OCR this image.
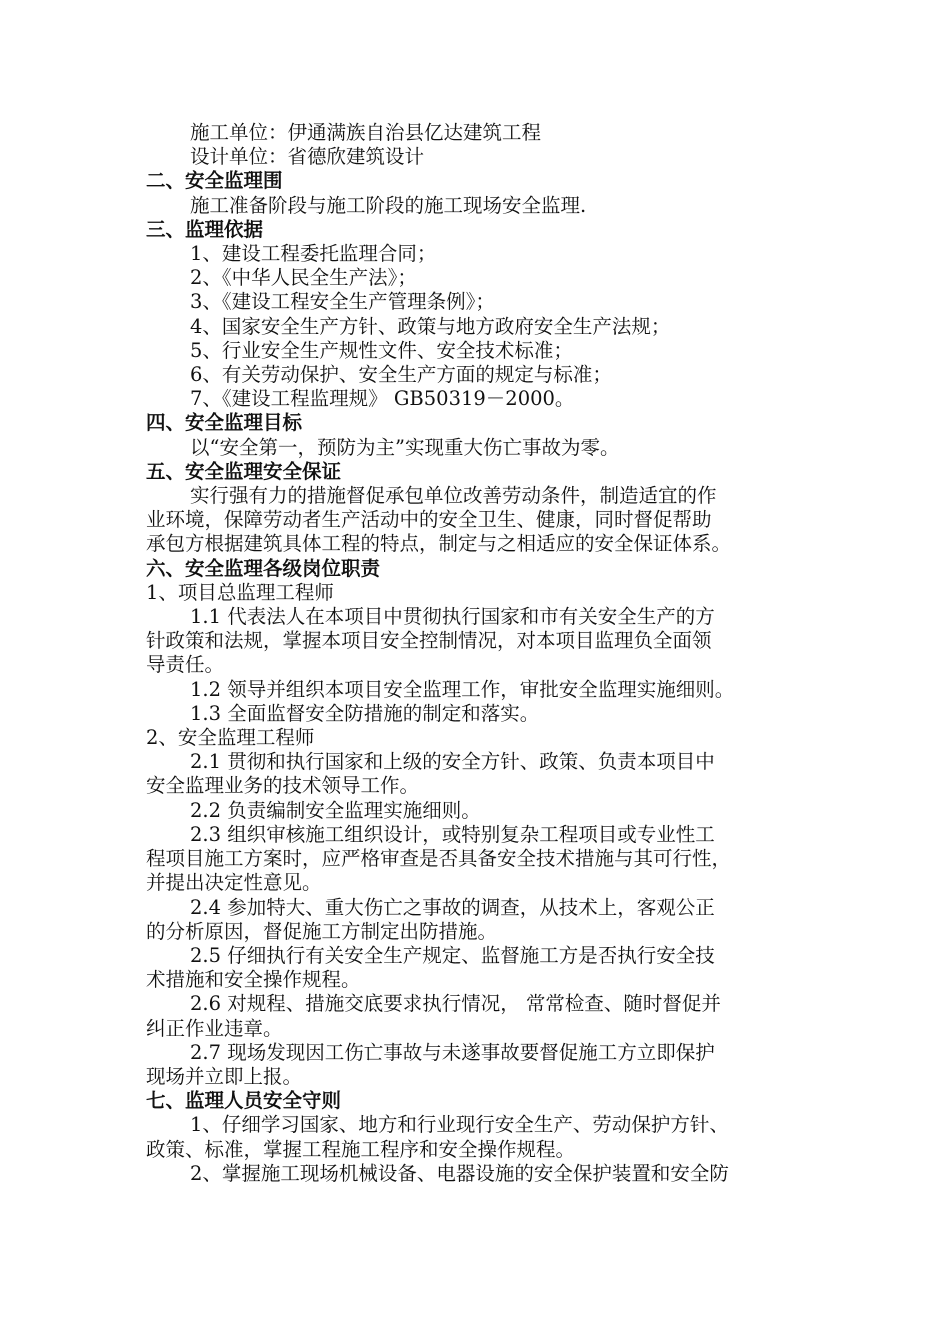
施工单位：伊通满族自治县亿达建筑工程
设计单位：省德欣建筑设计
二、安全监理围
施工准备阶段与施工阶段的施工现场安全监理.
三、监理依据
1、建设工程委托监理合同；
2、《中华人民全生产法》；
3、《建设工程安全生产管理条例》；
4、国家安全生产方针、政策与地方政府安全生产法规；
5、行业安全生产规性文件、安全技术标准；
6、有关劳动保护、安全生产方面的规定与标准；
7、《建设工程监理规》 GB50319－2000。
四、安全监理目标
以“安全第一，预防为主”实现重大伤亡事故为零。
五、安全监理安全保证
实行强有力的措施督促承包单位改善劳动条件，制造适宜的作
业环境，保障劳动者生产活动中的安全卫生、健康，同时督促帮助
承包方根据建筑具体工程的特点，制定与之相适应的安全保证体系。
六、安全监理各级岗位职责
1、项目总监理工程师
1.1 代表法人在本项目中贯彻执行国家和市有关安全生产的方
针政策和法规，掌握本项目安全控制情况，对本项目监理负全面领
导责任。
1.2 领导并组织本项目安全监理工作，审批安全监理实施细则。
1.3 全面监督安全防措施的制定和落实。
2、安全监理工程师
2.1 贯彻和执行国家和上级的安全方针、政策、负责本项目中
安全监理业务的技术领导工作。
2.2 负责编制安全监理实施细则。
2.3 组织审核施工组织设计，或特别复杂工程项目或专业性工
程项目施工方案时，应严格审查是否具备安全技术措施与其可行性，
并提出决定性意见。
2.4 参加特大、重大伤亡之事故的调查，从技术上，客观公正
的分析原因，督促施工方制定出防措施。
2.5 仔细执行有关安全生产规定、监督施工方是否执行安全技
术措施和安全操作规程。
2.6 对规程、措施交底要求执行情况， 常常检查、随时督促并
纠正作业违章。
2.7 现场发现因工伤亡事故与未遂事故要督促施工方立即保护
现场并立即上报。
七、监理人员安全守则
1、仔细学习国家、地方和行业现行安全生产、劳动保护方针、
政策、标准，掌握工程施工程序和安全操作规程。
2、掌握施工现场机械设备、电器设施的安全保护装置和安全防
